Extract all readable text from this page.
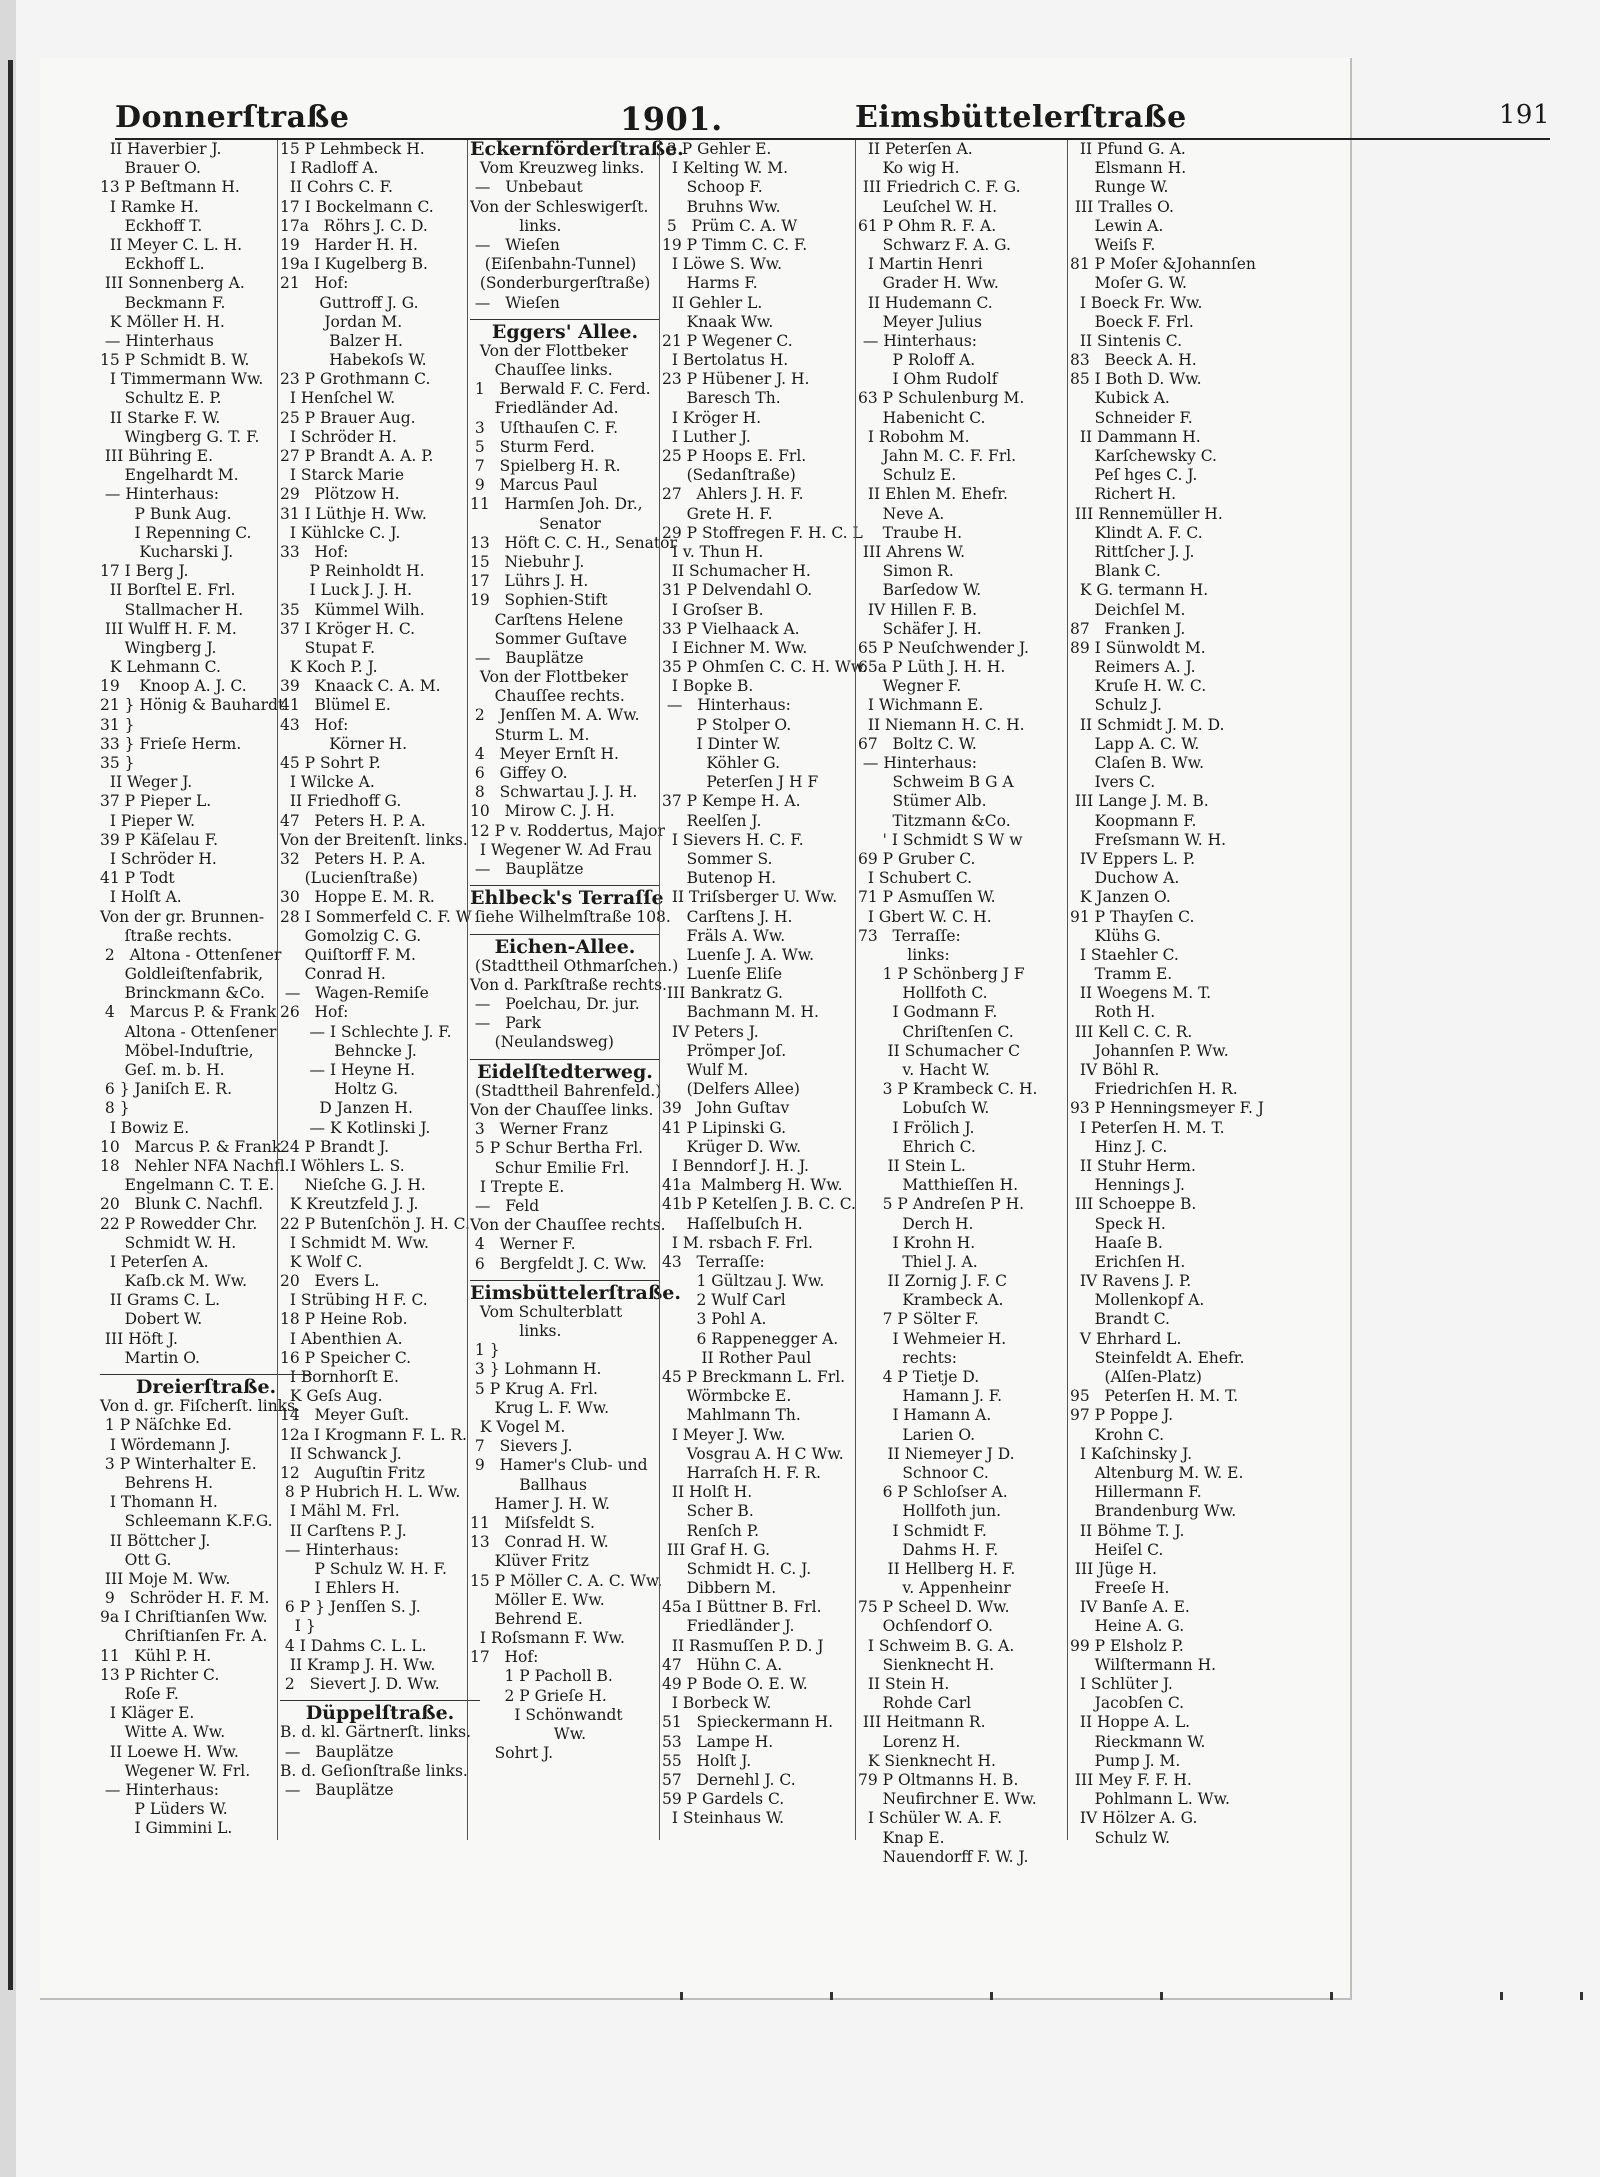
Donnerſtraße	1901.	Eimsbüttelerſtraße	191
II Haverbier J.
Brauer O.
13 P Beſtmann H.
I Ramke H.
Eckhoff T.
II Meyer C. L. H.
Eckhoff L.
III Sonnenberg A.
Beckmann F.
K Möller H. H.
— Hinterhaus
15 P Schmidt B. W.
I Timmermann Ww.
Schultz E. P.
II Starke F. W.
Wingberg G. T. F.
III Bühring E.
Engelhardt M.
— Hinterhaus:
P Bunk Aug.
I Repenning C.
Kucharski J.
17 I Berg J.
II Borſtel E. Frl.
Stallmacher H.
III Wulff H. F. M.
Wingberg J.
K Lehmann C.
19    Knoop A. J. C.
21 } Hönig & Bauhardt
31 }
33 } Frieſe Herm.
35 }
II Weger J.
37 P Pieper L.
I Pieper W.
39 P Käſelau F.
I Schröder H.
41 P Todt
I Holſt A.
Von der gr. Brunnen-
ſtraße rechts.
2   Altona - Ottenſener
Goldleiſtenfabrik,
Brinckmann &Co.
4   Marcus P. & Frank
Altona - Ottenſener
Möbel-Induſtrie,
Geſ. m. b. H.
6 } Janiſch E. R.
8 }
I Bowiz E.
10   Marcus P. & Frank
18   Nehler NFA Nachfl.
Engelmann C. T. E.
20   Blunk C. Nachfl.
22 P Rowedder Chr.
Schmidt W. H.
I Peterſen A.
Kaſb.ck M. Ww.
II Grams C. L.
Dobert W.
III Höft J.
Martin O.
Dreierſtraße.
Von d. gr. Fiſcherſt. links.
1 P Näſchke Ed.
I Wördemann J.
3 P Winterhalter E.
Behrens H.
I Thomann H.
Schleemann K.F.G.
II Böttcher J.
Ott G.
III Moje M. Ww.
9   Schröder H. F. M.
9a I Chriſtianſen Ww.
Chriſtianſen Fr. A.
11   Kühl P. H.
13 P Richter C.
Roſe F.
I Kläger E.
Witte A. Ww.
II Loewe H. Ww.
Wegener W. Frl.
— Hinterhaus:
P Lüders W.
I Gimmini L.
15 P Lehmbeck H.
I Radloff A.
II Cohrs C. F.
17 I Bockelmann C.
17a   Röhrs J. C. D.
19   Harder H. H.
19a I Kugelberg B.
21   Hof:
Guttroff J. G.
Jordan M.
Balzer H.
Habekoſs W.
23 P Grothmann C.
I Henſchel W.
25 P Brauer Aug.
I Schröder H.
27 P Brandt A. A. P.
I Starck Marie
29   Plötzow H.
31 I Lüthje H. Ww.
I Kühlcke C. J.
33   Hof:
P Reinholdt H.
I Luck J. J. H.
35   Kümmel Wilh.
37 I Kröger H. C.
Stupat F.
K Koch P. J.
39   Knaack C. A. M.
41   Blümel E.
43   Hof:
Körner H.
45 P Sohrt P.
I Wilcke A.
II Friedhoff G.
47   Peters H. P. A.
Von der Breitenſt. links.
32   Peters H. P. A.
(Lucienſtraße)
30   Hoppe E. M. R.
28 I Sommerfeld C. F. W
Gomolzig C. G.
Quiſtorff F. M.
Conrad H.
—   Wagen-Remiſe
26   Hof:
— I Schlechte J. F.
Behncke J.
— I Heyne H.
Holtz G.
D Janzen H.
— K Kotlinski J.
24 P Brandt J.
I Wöhlers L. S.
Nieſche G. J. H.
K Kreutzfeld J. J.
22 P Butenſchön J. H. C.
I Schmidt M. Ww.
K Wolf C.
20   Evers L.
I Strübing H F. C.
18 P Heine Rob.
I Abenthien A.
16 P Speicher C.
I Bornhorſt E.
K Geſs Aug.
14   Meyer Guſt.
12a I Krogmann F. L. R.
II Schwanck J.
12   Auguſtin Fritz
8 P Hubrich H. L. Ww.
I Mähl M. Frl.
II Carſtens P. J.
— Hinterhaus:
P Schulz W. H. F.
I Ehlers H.
6 P } Jenſſen S. J.
I }
4 I Dahms C. L. L.
II Kramp J. H. Ww.
2   Sievert J. D. Ww.
Düppelſtraße.
B. d. kl. Gärtnerſt. links.
—   Bauplätze
B. d. Geſionſtraße links.
—   Bauplätze
Eckernförderſtraße.
Vom Kreuzweg links.
—   Unbebaut
Von der Schleswigerſt.
links.
—   Wieſen
(Eiſenbahn-Tunnel)
(Sonderburgerſtraße)
—   Wieſen
Eggers' Allee.
Von der Flottbeker
Chauſſee links.
1   Berwald F. C. Ferd.
Friedländer Ad.
3   Uſthauſen C. F.
5   Sturm Ferd.
7   Spielberg H. R.
9   Marcus Paul
11   Harmſen Joh. Dr.,
Senator
13   Höft C. C. H., Senator
15   Niebuhr J.
17   Lührs J. H.
19   Sophien-Stift
Carſtens Helene
Sommer Guſtave
—   Bauplätze
Von der Flottbeker
Chauſſee rechts.
2   Jenſſen M. A. Ww.
Sturm L. M.
4   Meyer Ernſt H.
6   Giffey O.
8   Schwartau J. J. H.
10   Mirow C. J. H.
12 P v. Roddertus, Major
I Wegener W. Ad Frau
—   Bauplätze
Ehlbeck's Terraſſe
ſiehe Wilhelmſtraße 108.
Eichen-Allee.
(Stadttheil Othmarſchen.)
Von d. Parkſtraße rechts.
—   Poelchau, Dr. jur.
—   Park
(Neulandsweg)
Eidelſtedterweg.
(Stadttheil Bahrenfeld.)
Von der Chauſſee links.
3   Werner Franz
5 P Schur Bertha Frl.
Schur Emilie Frl.
I Trepte E.
—   Feld
Von der Chauſſee rechts.
4   Werner F.
6   Bergfeldt J. C. Ww.
Eimsbüttelerſtraße.
Vom Schulterblatt
links.
1 }
3 } Lohmann H.
5 P Krug A. Frl.
Krug L. F. Ww.
K Vogel M.
7   Sievers J.
9   Hamer's Club- und
Ballhaus
Hamer J. H. W.
11   Miſsfeldt S.
13   Conrad H. W.
Klüver Fritz
15 P Möller C. A. C. Ww.
Möller E. Ww.
Behrend E.
I Roſsmann F. Ww.
17   Hof:
1 P Pacholl B.
2 P Grieſe H.
I Schönwandt
Ww.
Sohrt J.
3 P Gehler E.
I Kelting W. M.
Schoop F.
Bruhns Ww.
5   Prüm C. A. W
19 P Timm C. C. F.
I Löwe S. Ww.
Harms F.
II Gehler L.
Knaak Ww.
21 P Wegener C.
I Bertolatus H.
23 P Hübener J. H.
Baresch Th.
I Kröger H.
I Luther J.
25 P Hoops E. Frl.
(Sedanſtraße)
27   Ahlers J. H. F.
Grete H. F.
29 P Stoffregen F. H. C. L
I v. Thun H.
II Schumacher H.
31 P Delvendahl O.
I Groſser B.
33 P Vielhaack A.
I Eichner M. Ww.
35 P Ohmſen C. C. H. Ww.
I Bopke B.
—   Hinterhaus:
P Stolper O.
I Dinter W.
Köhler G.
Peterſen J H F
37 P Kempe H. A.
Reelſen J.
I Sievers H. C. F.
Sommer S.
Butenop H.
II Triſsberger U. Ww.
Carſtens J. H.
Fräls A. Ww.
Luenſe J. A. Ww.
Luenſe Eliſe
III Bankratz G.
Bachmann M. H.
IV Peters J.
Prömper Joſ.
Wulf M.
(Delfers Allee)
39   John Guſtav
41 P Lipinski G.
Krüger D. Ww.
I Benndorf J. H. J.
41a  Malmberg H. Ww.
41b P Ketelſen J. B. C. C.
Haſſelbuſch H.
I M. rsbach F. Frl.
43   Terraſſe:
1 Gültzau J. Ww.
2 Wulf Carl
3 Pohl A.
6 Rappenegger A.
II Rother Paul
45 P Breckmann L. Frl.
Wörmbcke E.
Mahlmann Th.
I Meyer J. Ww.
Vosgrau A. H C Ww.
Harraſch H. F. R.
II Holſt H.
Scher B.
Renſch P.
III Graf H. G.
Schmidt H. C. J.
Dibbern M.
45a I Büttner B. Frl.
Friedländer J.
II Rasmuſſen P. D. J
47   Hühn C. A.
49 P Bode O. E. W.
I Borbeck W.
51   Spieckermann H.
53   Lampe H.
55   Holſt J.
57   Dernehl J. C.
59 P Gardels C.
I Steinhaus W.
II Peterſen A.
Ko wig H.
III Friedrich C. F. G.
Leuſchel W. H.
61 P Ohm R. F. A.
Schwarz F. A. G.
I Martin Henri
Grader H. Ww.
II Hudemann C.
Meyer Julius
— Hinterhaus:
P Roloff A.
I Ohm Rudolf
63 P Schulenburg M.
Habenicht C.
I Robohm M.
Jahn M. C. F. Frl.
Schulz E.
II Ehlen M. Ehefr.
Neve A.
Traube H.
III Ahrens W.
Simon R.
Barſedow W.
IV Hillen F. B.
Schäfer J. H.
65 P Neuſchwender J.
65a P Lüth J. H. H.
Wegner F.
I Wichmann E.
II Niemann H. C. H.
67   Boltz C. W.
— Hinterhaus:
Schweim B G A
Stümer Alb.
Titzmann &Co.
' I Schmidt S W w
69 P Gruber C.
I Schubert C.
71 P Asmuſſen W.
I Gbert W. C. H.
73   Terraſſe:
links:
1 P Schönberg J F
Hollfoth C.
I Godmann F.
Chriſtenſen C.
II Schumacher C
v. Hacht W.
3 P Krambeck C. H.
Lobuſch W.
I Frölich J.
Ehrich C.
II Stein L.
Matthieſſen H.
5 P Andreſen P H.
Derch H.
I Krohn H.
Thiel J. A.
II Zornig J. F. C
Krambeck A.
7 P Sölter F.
I Wehmeier H.
rechts:
4 P Tietje D.
Hamann J. F.
I Hamann A.
Larien O.
II Niemeyer J D.
Schnoor C.
6 P Schloſser A.
Hollfoth jun.
I Schmidt F.
Dahms H. F.
II Hellberg H. F.
v. Appenheinr
75 P Scheel D. Ww.
Ochſendorf O.
I Schweim B. G. A.
Sienknecht H.
II Stein H.
Rohde Carl
III Heitmann R.
Lorenz H.
K Sienknecht H.
79 P Oltmanns H. B.
Neufirchner E. Ww.
I Schüler W. A. F.
Knap E.
Nauendorff F. W. J.
II Pfund G. A.
Elsmann H.
Runge W.
III Tralles O.
Lewin A.
Weiſs F.
81 P Moſer &Johannſen
Moſer G. W.
I Boeck Fr. Ww.
Boeck F. Frl.
II Sintenis C.
83   Beeck A. H.
85 I Both D. Ww.
Kubick A.
Schneider F.
II Dammann H.
Karſchewsky C.
Peſ hges C. J.
Richert H.
III Rennemüller H.
Klindt A. F. C.
Rittſcher J. J.
Blank C.
K G. termann H.
Deichſel M.
87   Franken J.
89 I Sünwoldt M.
Reimers A. J.
Kruſe H. W. C.
Schulz J.
II Schmidt J. M. D.
Lapp A. C. W.
Claſen B. Ww.
Ivers C.
III Lange J. M. B.
Koopmann F.
Freſsmann W. H.
IV Eppers L. P.
Duchow A.
K Janzen O.
91 P Thayſen C.
Klühs G.
I Staehler C.
Tramm E.
II Woegens M. T.
Roth H.
III Kell C. C. R.
Johannſen P. Ww.
IV Böhl R.
Friedrichſen H. R.
93 P Henningsmeyer F. J
I Peterſen H. M. T.
Hinz J. C.
II Stuhr Herm.
Hennings J.
III Schoeppe B.
Speck H.
Haaſe B.
Erichſen H.
IV Ravens J. P.
Mollenkopf A.
Brandt C.
V Ehrhard L.
Steinfeldt A. Ehefr.
(Alſen-Platz)
95   Peterſen H. M. T.
97 P Poppe J.
Krohn C.
I Kaſchinsky J.
Altenburg M. W. E.
Hillermann F.
Brandenburg Ww.
II Böhme T. J.
Heiſel C.
III Jüge H.
Freeſe H.
IV Banſe A. E.
Heine A. G.
99 P Elsholz P.
Wilſtermann H.
I Schlüter J.
Jacobſen C.
II Hoppe A. L.
Rieckmann W.
Pump J. M.
III Mey F. F. H.
Pohlmann L. Ww.
IV Hölzer A. G.
Schulz W.
